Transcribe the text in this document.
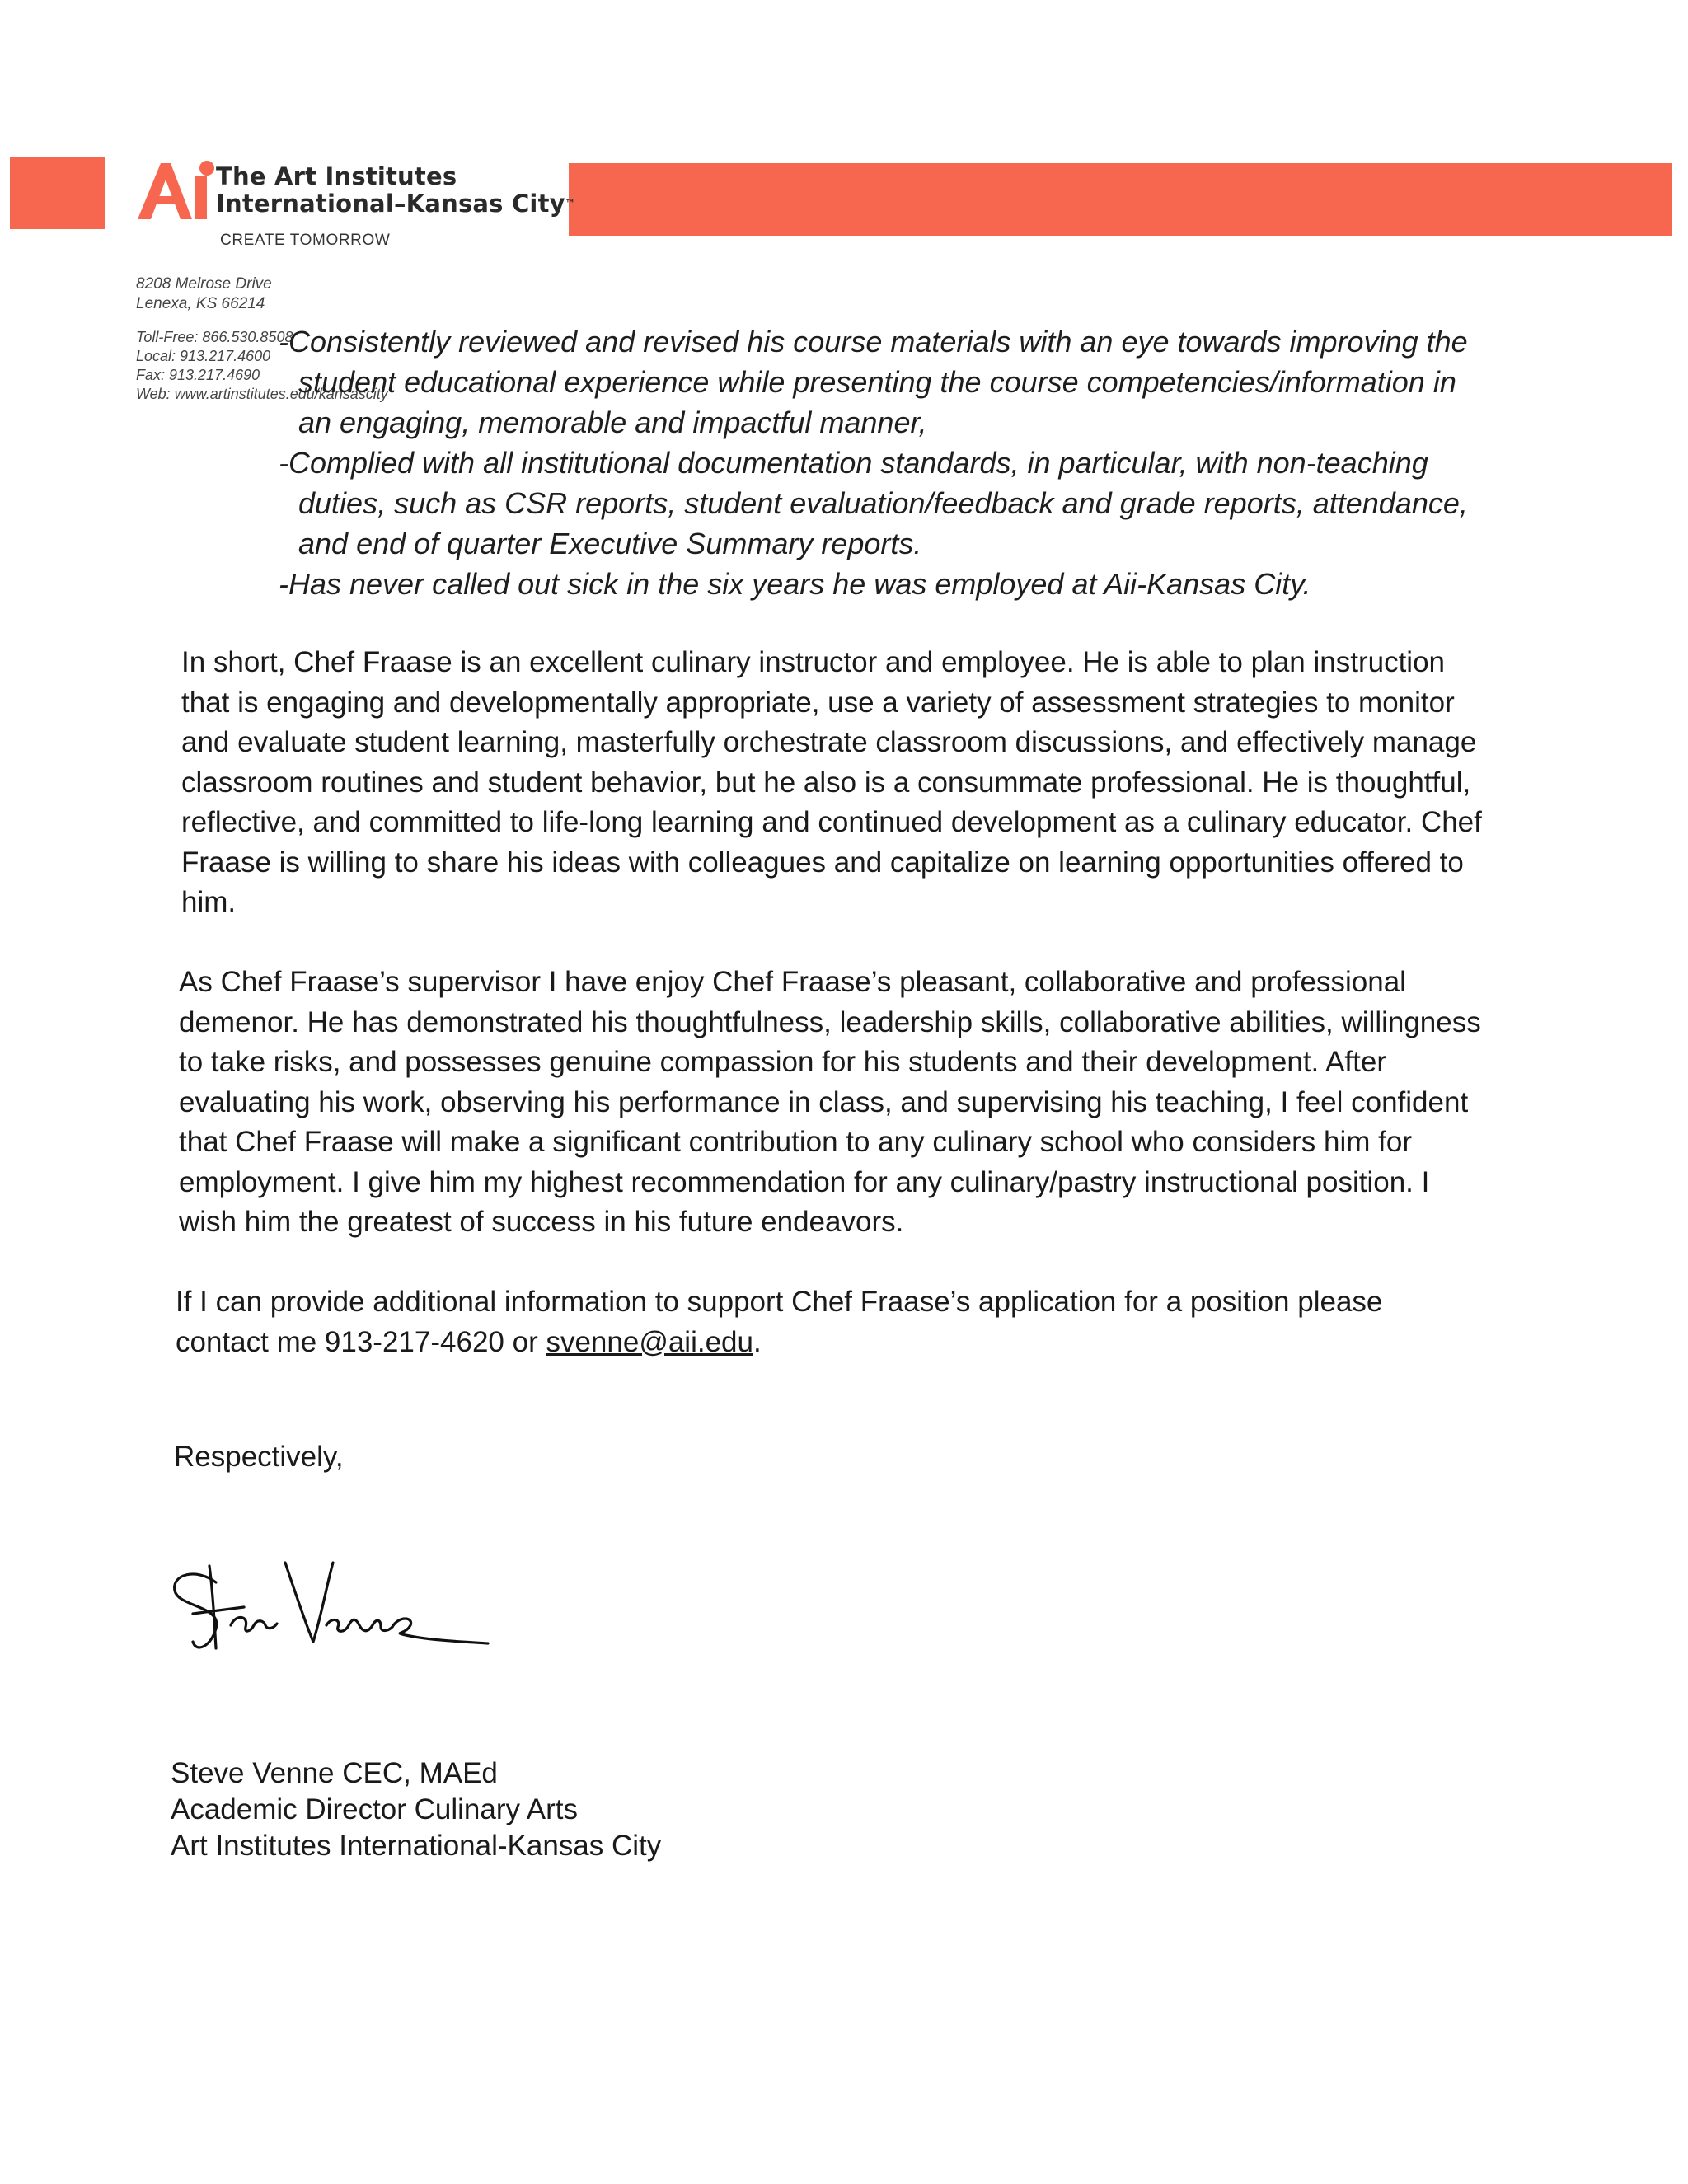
The Art Institutes
International–Kansas City™
CREATE TOMORROW
8208 Melrose Drive
Lenexa, KS 66214
Toll-Free: 866.530.8508
Local: 913.217.4600
Fax: 913.217.4690
Web: www.artinstitutes.edu/kansascity

-Consistently reviewed and revised his course materials with an eye towards improving the student educational experience while presenting the course competencies/information in an engaging, memorable and impactful manner,

-Complied with all institutional documentation standards, in particular, with non-teaching duties, such as CSR reports, student evaluation/feedback and grade reports, attendance, and end of quarter Executive Summary reports.

-Has never called out sick in the six years he was employed at Aii-Kansas City.

In short, Chef Fraase is an excellent culinary instructor and employee. He is able to plan instruction that is engaging and developmentally appropriate, use a variety of assessment strategies to monitor and evaluate student learning, masterfully orchestrate classroom discussions, and effectively manage classroom routines and student behavior, but he also is a consummate professional. He is thoughtful, reflective, and committed to life-long learning and continued development as a culinary educator. Chef Fraase is willing to share his ideas with colleagues and capitalize on learning opportunities offered to him.

As Chef Fraase’s supervisor I have enjoy Chef Fraase’s pleasant, collaborative and professional demenor. He has demonstrated his thoughtfulness, leadership skills, collaborative abilities, willingness to take risks, and possesses genuine compassion for his students and their development. After evaluating his work, observing his performance in class, and supervising his teaching, I feel confident that Chef Fraase will make a significant contribution to any culinary school who considers him for employment. I give him my highest recommendation for any culinary/pastry instructional position. I wish him the greatest of success in his future endeavors.

If I can provide additional information to support Chef Fraase’s application for a position please contact me 913-217-4620 or svenne@aii.edu.

Respectively,
Steve Venne CEC, MAEd
Academic Director Culinary Arts
Art Institutes International-Kansas City
